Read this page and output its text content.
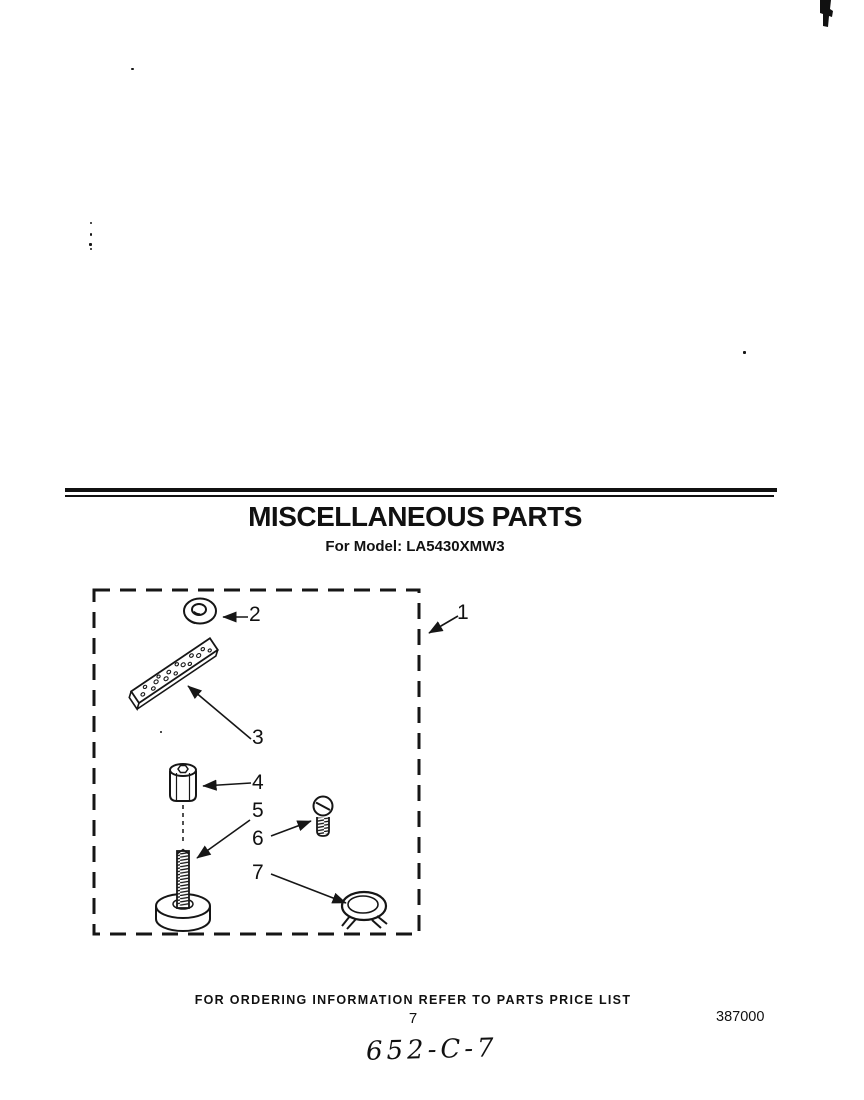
MISCELLANEOUS PARTS
For Model: LA5430XMW3
1
2
3
4
5
6
7
FOR ORDERING INFORMATION REFER TO PARTS PRICE LIST
7	387000
652-C-7
